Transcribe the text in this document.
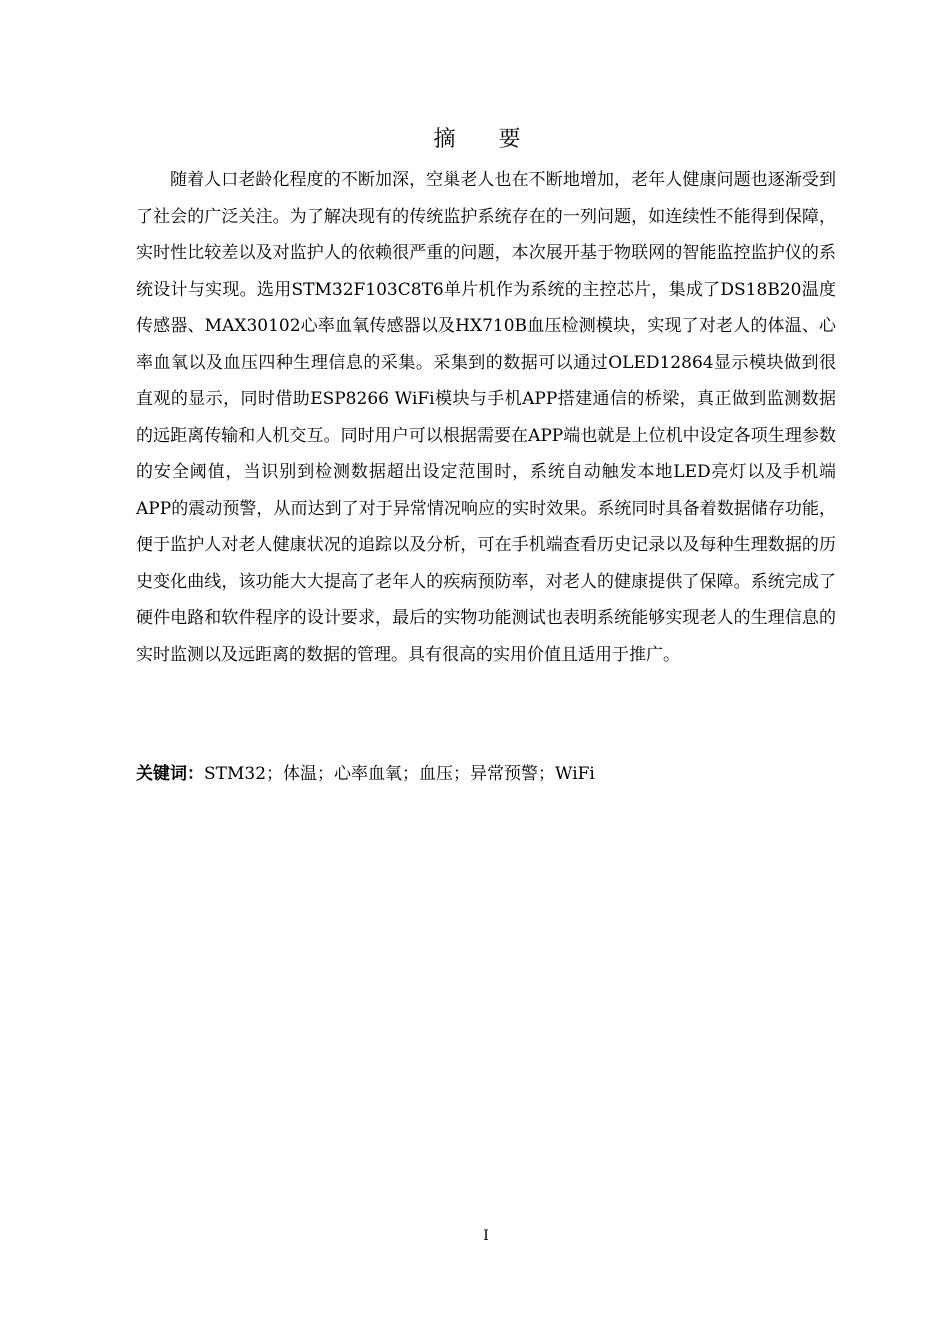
摘 要

随着人口老龄化程度的不断加深，空巢老人也在不断地增加，老年人健康问题也逐渐受到了社会的广泛关注。为了解决现有的传统监护系统存在的一列问题，如连续性不能得到保障，实时性比较差以及对监护人的依赖很严重的问题，本次展开基于物联网的智能监控监护仪的系统设计与实现。选用STM32F103C8T6单片机作为系统的主控芯片，集成了DS18B20温度传感器、MAX30102心率血氧传感器以及HX710B血压检测模块，实现了对老人的体温、心率血氧以及血压四种生理信息的采集。采集到的数据可以通过OLED12864显示模块做到很直观的显示，同时借助ESP8266 WiFi模块与手机APP搭建通信的桥梁，真正做到监测数据的远距离传输和人机交互。同时用户可以根据需要在APP端也就是上位机中设定各项生理参数的安全阈值，当识别到检测数据超出设定范围时，系统自动触发本地LED亮灯以及手机端APP的震动预警，从而达到了对于异常情况响应的实时效果。系统同时具备着数据储存功能，便于监护人对老人健康状况的追踪以及分析，可在手机端查看历史记录以及每种生理数据的历史变化曲线，该功能大大提高了老年人的疾病预防率，对老人的健康提供了保障。系统完成了硬件电路和软件程序的设计要求，最后的实物功能测试也表明系统能够实现老人的生理信息的实时监测以及远距离的数据的管理。具有很高的实用价值且适用于推广。

关键词：STM32；体温；心率血氧；血压；异常预警；WiFi

I
